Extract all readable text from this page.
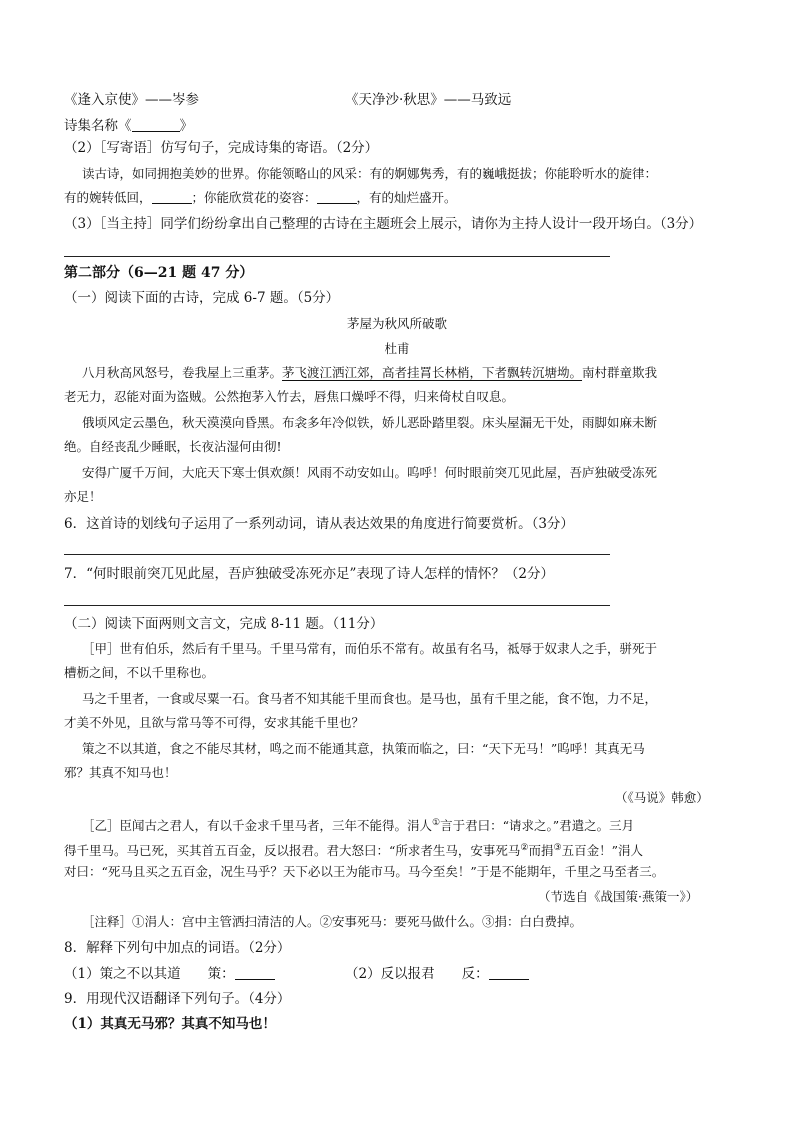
《逢入京使》——岑参	《天净沙·秋思》——马致远
诗集名称《	》
（2）［写寄语］仿写句子，完成诗集的寄语。（2分）
读古诗，如同拥抱美妙的世界。你能领略山的风采：有的婀娜隽秀，有的巍峨挺拔；你能聆听水的旋律：
有的婉转低回，	；你能欣赏花的姿容：	，有的灿烂盛开。
（3）［当主持］同学们纷纷拿出自己整理的古诗在主题班会上展示，请你为主持人设计一段开场白。（3分）
第二部分（6—21 题 47 分）
（一）阅读下面的古诗，完成 6-7 题。（5分）
茅屋为秋风所破歌
杜甫
八月秋高风怒号，卷我屋上三重茅。茅飞渡江洒江郊，高者挂罥长林梢，下者飘转沉塘坳。南村群童欺我
老无力，忍能对面为盗贼。公然抱茅入竹去，唇焦口燥呼不得，归来倚杖自叹息。
俄顷风定云墨色，秋天漠漠向昏黑。布衾多年冷似铁，娇儿恶卧踏里裂。床头屋漏无干处，雨脚如麻未断
绝。自经丧乱少睡眠，长夜沾湿何由彻!
安得广厦千万间，大庇天下寒士俱欢颜！风雨不动安如山。呜呼！何时眼前突兀见此屋，吾庐独破受冻死
亦足！
6．这首诗的划线句子运用了一系列动词，请从表达效果的角度进行简要赏析。（3分）
7．“何时眼前突兀见此屋，吾庐独破受冻死亦足”表现了诗人怎样的情怀？（2分）
（二）阅读下面两则文言文，完成 8-11 题。（11分）
［甲］世有伯乐，然后有千里马。千里马常有，而伯乐不常有。故虽有名马，祗辱于奴隶人之手，骈死于
槽枥之间，不以千里称也。
马之千里者，一食或尽粟一石。食马者不知其能千里而食也。是马也，虽有千里之能，食不饱，力不足，
才美不外见，且欲与常马等不可得，安求其能千里也？
策之不以其道，食之不能尽其材，鸣之而不能通其意，执策而临之，曰：“天下无马！”呜呼！其真无马
邪？其真不知马也！
（《马说》韩愈）
［乙］臣闻古之君人，有以千金求千里马者，三年不能得。涓人①言于君曰：“请求之。”君遣之。三月
得千里马。马已死，买其首五百金，反以报君。君大怒曰：“所求者生马，安事死马②而捐③五百金！”涓人
对曰：“死马且买之五百金，况生马乎？天下必以王为能市马。马今至矣！”于是不能期年，千里之马至者三。
（节选自《战国策·燕策一》）
［注释］①涓人：宫中主管洒扫清洁的人。②安事死马：要死马做什么。③捐：白白费掉。
8．解释下列句中加点的词语。（2分）
（1）策之不以其道　　策：	（2）反以报君　　反：
9．用现代汉语翻译下列句子。（4分）
（1）其真无马邪？其真不知马也！
